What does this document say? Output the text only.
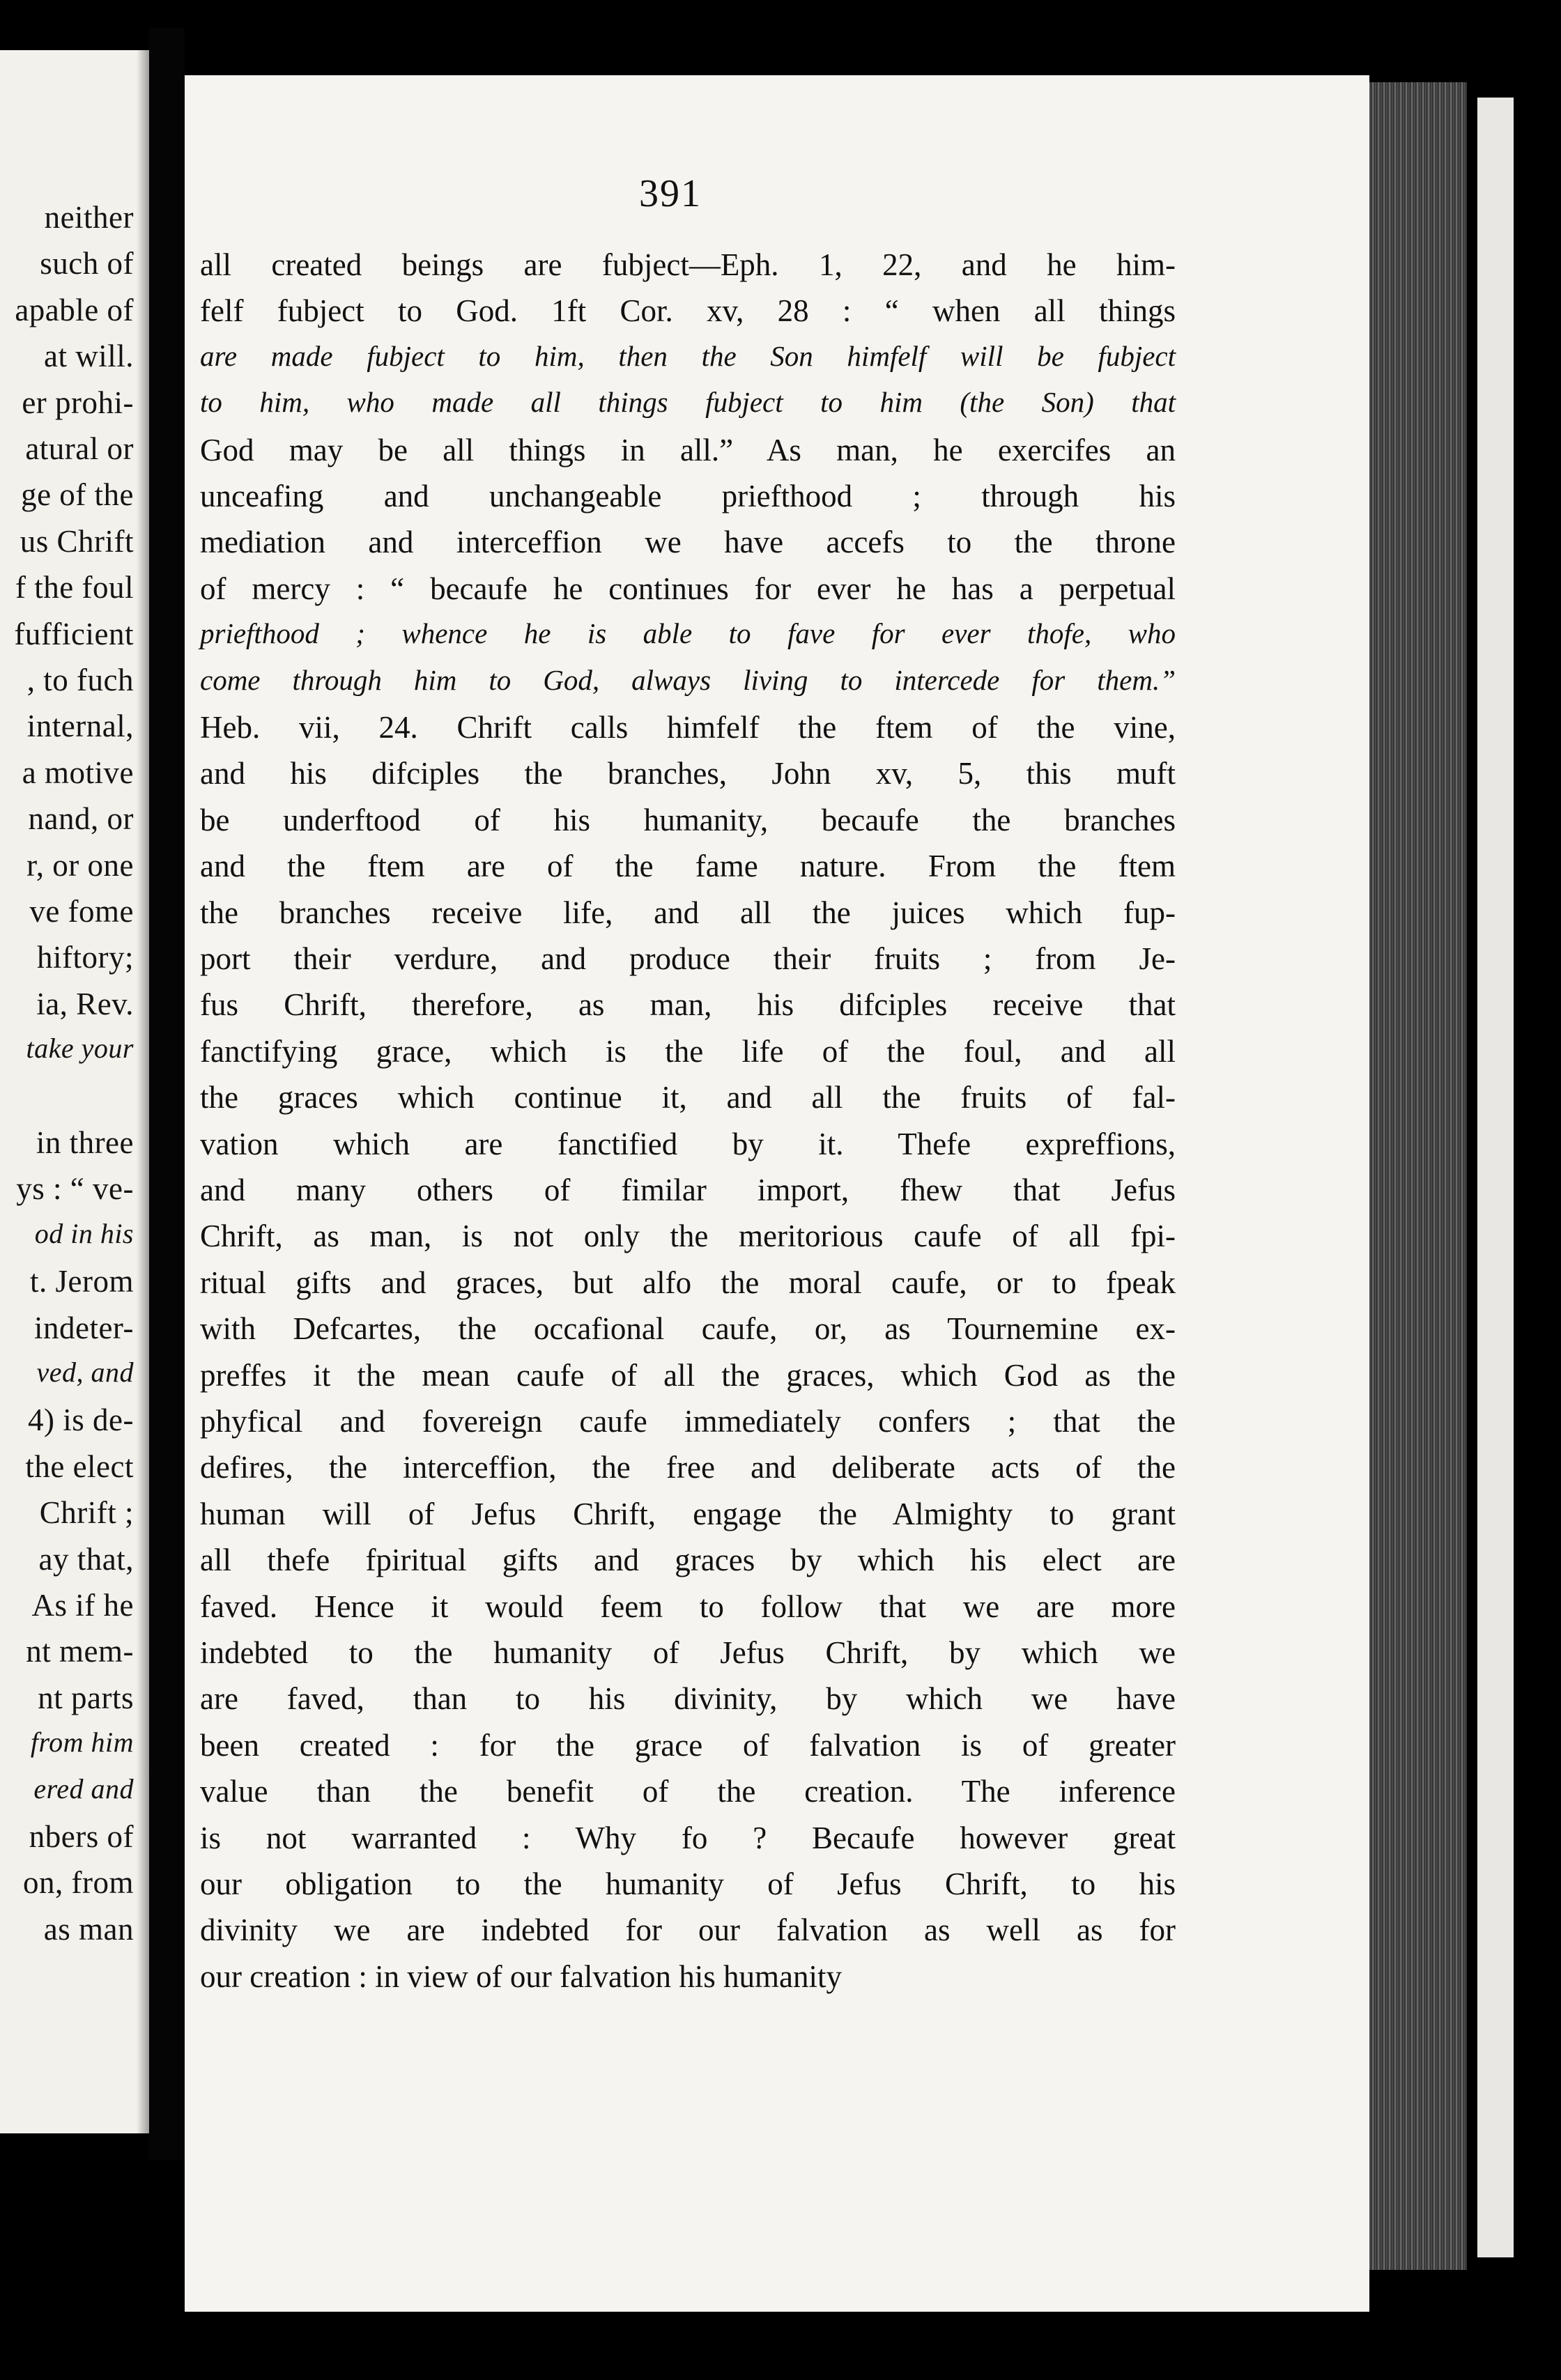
neither
such of
apable of
at will.
er prohi-
atural or
ge of the
us Chrift
f the foul
fufficient
, to fuch
internal,
a motive
nand, or
r, or one
ve fome
hiftory;
ia, Rev.
take your
in three
ys : “ ve-
od in his
t. Jerom
indeter-
ved, and
4) is de-
the elect
Chrift ;
ay that,
As if he
nt mem-
nt parts
from him
ered and
nbers of
on, from
as man
391
all created beings are fubject—Eph. 1, 22, and he him-
felf fubject to God. 1ft Cor. xv, 28 : “ when all things
are made fubject to him, then the Son himfelf will be fubject
to him, who made all things fubject to him (the Son) that
God may be all things in all.” As man, he exercifes an
unceafing and unchangeable priefthood ; through his
mediation and interceffion we have accefs to the throne
of mercy : “ becaufe he continues for ever he has a perpetual
priefthood ; whence he is able to fave for ever thofe, who
come through him to God, always living to intercede for them.”
Heb. vii, 24. Chrift calls himfelf the ftem of the vine,
and his difciples the branches, John xv, 5, this muft
be underftood of his humanity, becaufe the branches
and the ftem are of the fame nature. From the ftem
the branches receive life, and all the juices which fup-
port their verdure, and produce their fruits ; from Je-
fus Chrift, therefore, as man, his difciples receive that
fanctifying grace, which is the life of the foul, and all
the graces which continue it, and all the fruits of fal-
vation which are fanctified by it. Thefe expreffions,
and many others of fimilar import, fhew that Jefus
Chrift, as man, is not only the meritorious caufe of all fpi-
ritual gifts and graces, but alfo the moral caufe, or to fpeak
with Defcartes, the occafional caufe, or, as Tournemine ex-
preffes it the mean caufe of all the graces, which God as the
phyfical and fovereign caufe immediately confers ; that the
defires, the interceffion, the free and deliberate acts of the
human will of Jefus Chrift, engage the Almighty to grant
all thefe fpiritual gifts and graces by which his elect are
faved. Hence it would feem to follow that we are more
indebted to the humanity of Jefus Chrift, by which we
are faved, than to his divinity, by which we have
been created : for the grace of falvation is of greater
value than the benefit of the creation. The inference
is not warranted : Why fo ? Becaufe however great
our obligation to the humanity of Jefus Chrift, to his
divinity we are indebted for our falvation as well as for
our creation : in view of our falvation his humanity
